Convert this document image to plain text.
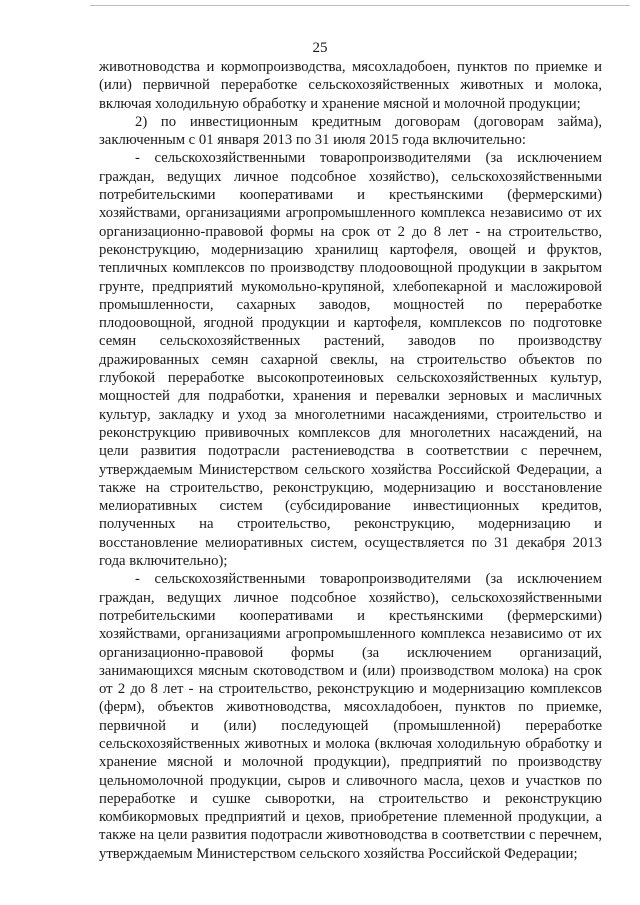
25

животноводства и кормопроизводства, мясохладобоен, пунктов по приемке и (или) первичной переработке сельскохозяйственных животных и молока, включая холодильную обработку и хранение мясной и молочной продукции;

2) по инвестиционным кредитным договорам (договорам займа), заключенным с 01 января 2013 по 31 июля 2015 года включительно:

- сельскохозяйственными товаропроизводителями (за исключением граждан, ведущих личное подсобное хозяйство), сельскохозяйственными потребительскими кооперативами и крестьянскими (фермерскими) хозяйствами, организациями агропромышленного комплекса независимо от их организационно-правовой формы на срок от 2 до 8 лет - на строительство, реконструкцию, модернизацию хранилищ картофеля, овощей и фруктов, тепличных комплексов по производству плодоовощной продукции в закрытом грунте, предприятий мукомольно-крупяной, хлебопекарной и масложировой промышленности, сахарных заводов, мощностей по переработке плодоовощной, ягодной продукции и картофеля, комплексов по подготовке семян сельскохозяйственных растений, заводов по производству дражированных семян сахарной свеклы, на строительство объектов по глубокой переработке высокопротеиновых сельскохозяйственных культур, мощностей для подработки, хранения и перевалки зерновых и масличных культур, закладку и уход за многолетними насаждениями, строительство и реконструкцию прививочных комплексов для многолетних насаждений, на цели развития подотрасли растениеводства в соответствии с перечнем, утверждаемым Министерством сельского хозяйства Российской Федерации, а также на строительство, реконструкцию, модернизацию и восстановление мелиоративных систем (субсидирование инвестиционных кредитов, полученных на строительство, реконструкцию, модернизацию и восстановление мелиоративных систем, осуществляется по 31 декабря 2013 года включительно);

- сельскохозяйственными товаропроизводителями (за исключением граждан, ведущих личное подсобное хозяйство), сельскохозяйственными потребительскими кооперативами и крестьянскими (фермерскими) хозяйствами, организациями агропромышленного комплекса независимо от их организационно-правовой формы (за исключением организаций, занимающихся мясным скотоводством и (или) производством молока) на срок от 2 до 8 лет - на строительство, реконструкцию и модернизацию комплексов (ферм), объектов животноводства, мясохладобоен, пунктов по приемке, первичной и (или) последующей (промышленной) переработке сельскохозяйственных животных и молока (включая холодильную обработку и хранение мясной и молочной продукции), предприятий по производству цельномолочной продукции, сыров и сливочного масла, цехов и участков по переработке и сушке сыворотки, на строительство и реконструкцию комбикормовых предприятий и цехов, приобретение племенной продукции, а также на цели развития подотрасли животноводства в соответствии с перечнем, утверждаемым Министерством сельского хозяйства Российской Федерации;
